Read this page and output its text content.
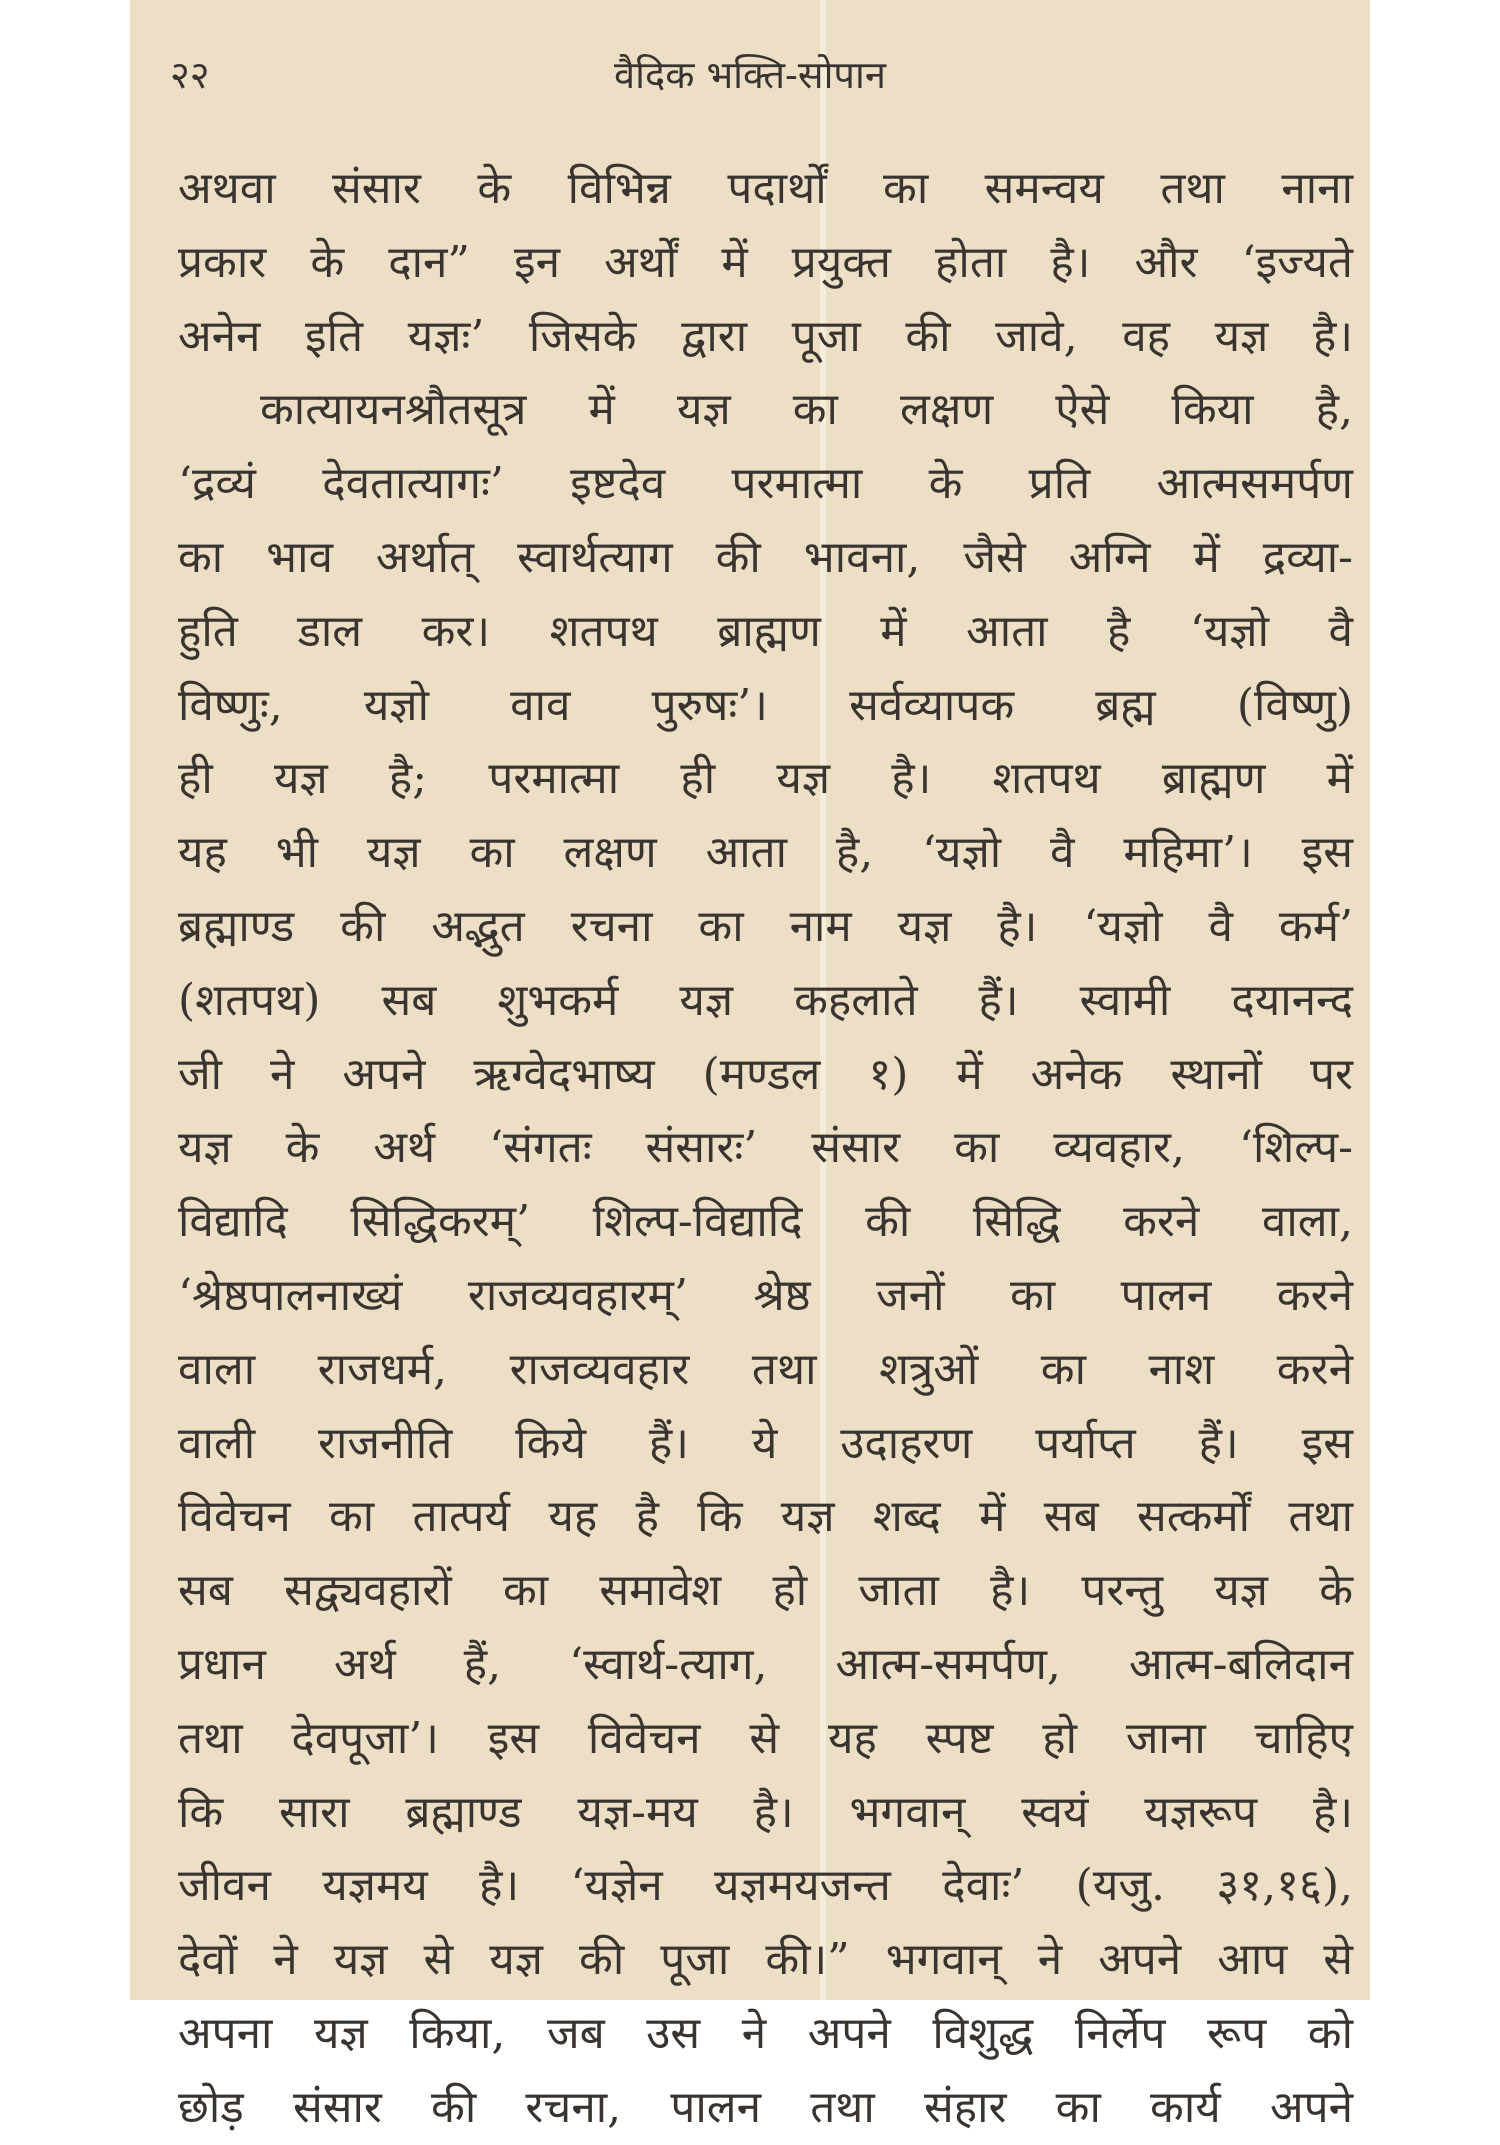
२२	वैदिक भक्ति-सोपान
अथवा संसार के विभिन्न पदार्थों का समन्वय तथा नाना
प्रकार के दान” इन अर्थों में प्रयुक्त होता है। और ‘इज्यते
अनेन इति यज्ञः’ जिसके द्वारा पूजा की जावे, वह यज्ञ है।
कात्यायनश्रौतसूत्र में यज्ञ का लक्षण ऐसे किया है,
‘द्रव्यं देवतात्यागः’ इष्टदेव परमात्मा के प्रति आत्मसमर्पण
का भाव अर्थात् स्वार्थत्याग की भावना, जैसे अग्नि में द्रव्या-
हुति डाल कर। शतपथ ब्राह्मण में आता है ‘यज्ञो वै
विष्णुः, यज्ञो वाव पुरुषः’। सर्वव्यापक ब्रह्म (विष्णु)
ही यज्ञ है; परमात्मा ही यज्ञ है। शतपथ ब्राह्मण में
यह भी यज्ञ का लक्षण आता है, ‘यज्ञो वै महिमा’। इस
ब्रह्माण्ड की अद्भुत रचना का नाम यज्ञ है। ‘यज्ञो वै कर्म’
(शतपथ) सब शुभकर्म यज्ञ कहलाते हैं। स्वामी दयानन्द
जी ने अपने ऋग्वेदभाष्य (मण्डल १) में अनेक स्थानों पर
यज्ञ के अर्थ ‘संगतः संसारः’ संसार का व्यवहार, ‘शिल्प-
विद्यादि सिद्धिकरम्’ शिल्प-विद्यादि की सिद्धि करने वाला,
‘श्रेष्ठपालनाख्यं राजव्यवहारम्’ श्रेष्ठ जनों का पालन करने
वाला राजधर्म, राजव्यवहार तथा शत्रुओं का नाश करने
वाली राजनीति किये हैं। ये उदाहरण पर्याप्त हैं। इस
विवेचन का तात्पर्य यह है कि यज्ञ शब्द में सब सत्कर्मों तथा
सब सद्व्यवहारों का समावेश हो जाता है। परन्तु यज्ञ के
प्रधान अर्थ हैं, ‘स्वार्थ-त्याग, आत्म-समर्पण, आत्म-बलिदान
तथा देवपूजा’। इस विवेचन से यह स्पष्ट हो जाना चाहिए
कि सारा ब्रह्माण्ड यज्ञ-मय है। भगवान् स्वयं यज्ञरूप है।
जीवन यज्ञमय है। ‘यज्ञेन यज्ञमयजन्त देवाः’ (यजु. ३१,१६),
देवों ने यज्ञ से यज्ञ की पूजा की।” भगवान् ने अपने आप से
अपना यज्ञ किया, जब उस ने अपने विशुद्ध निर्लेप रूप को
छोड़ संसार की रचना, पालन तथा संहार का कार्य अपने
